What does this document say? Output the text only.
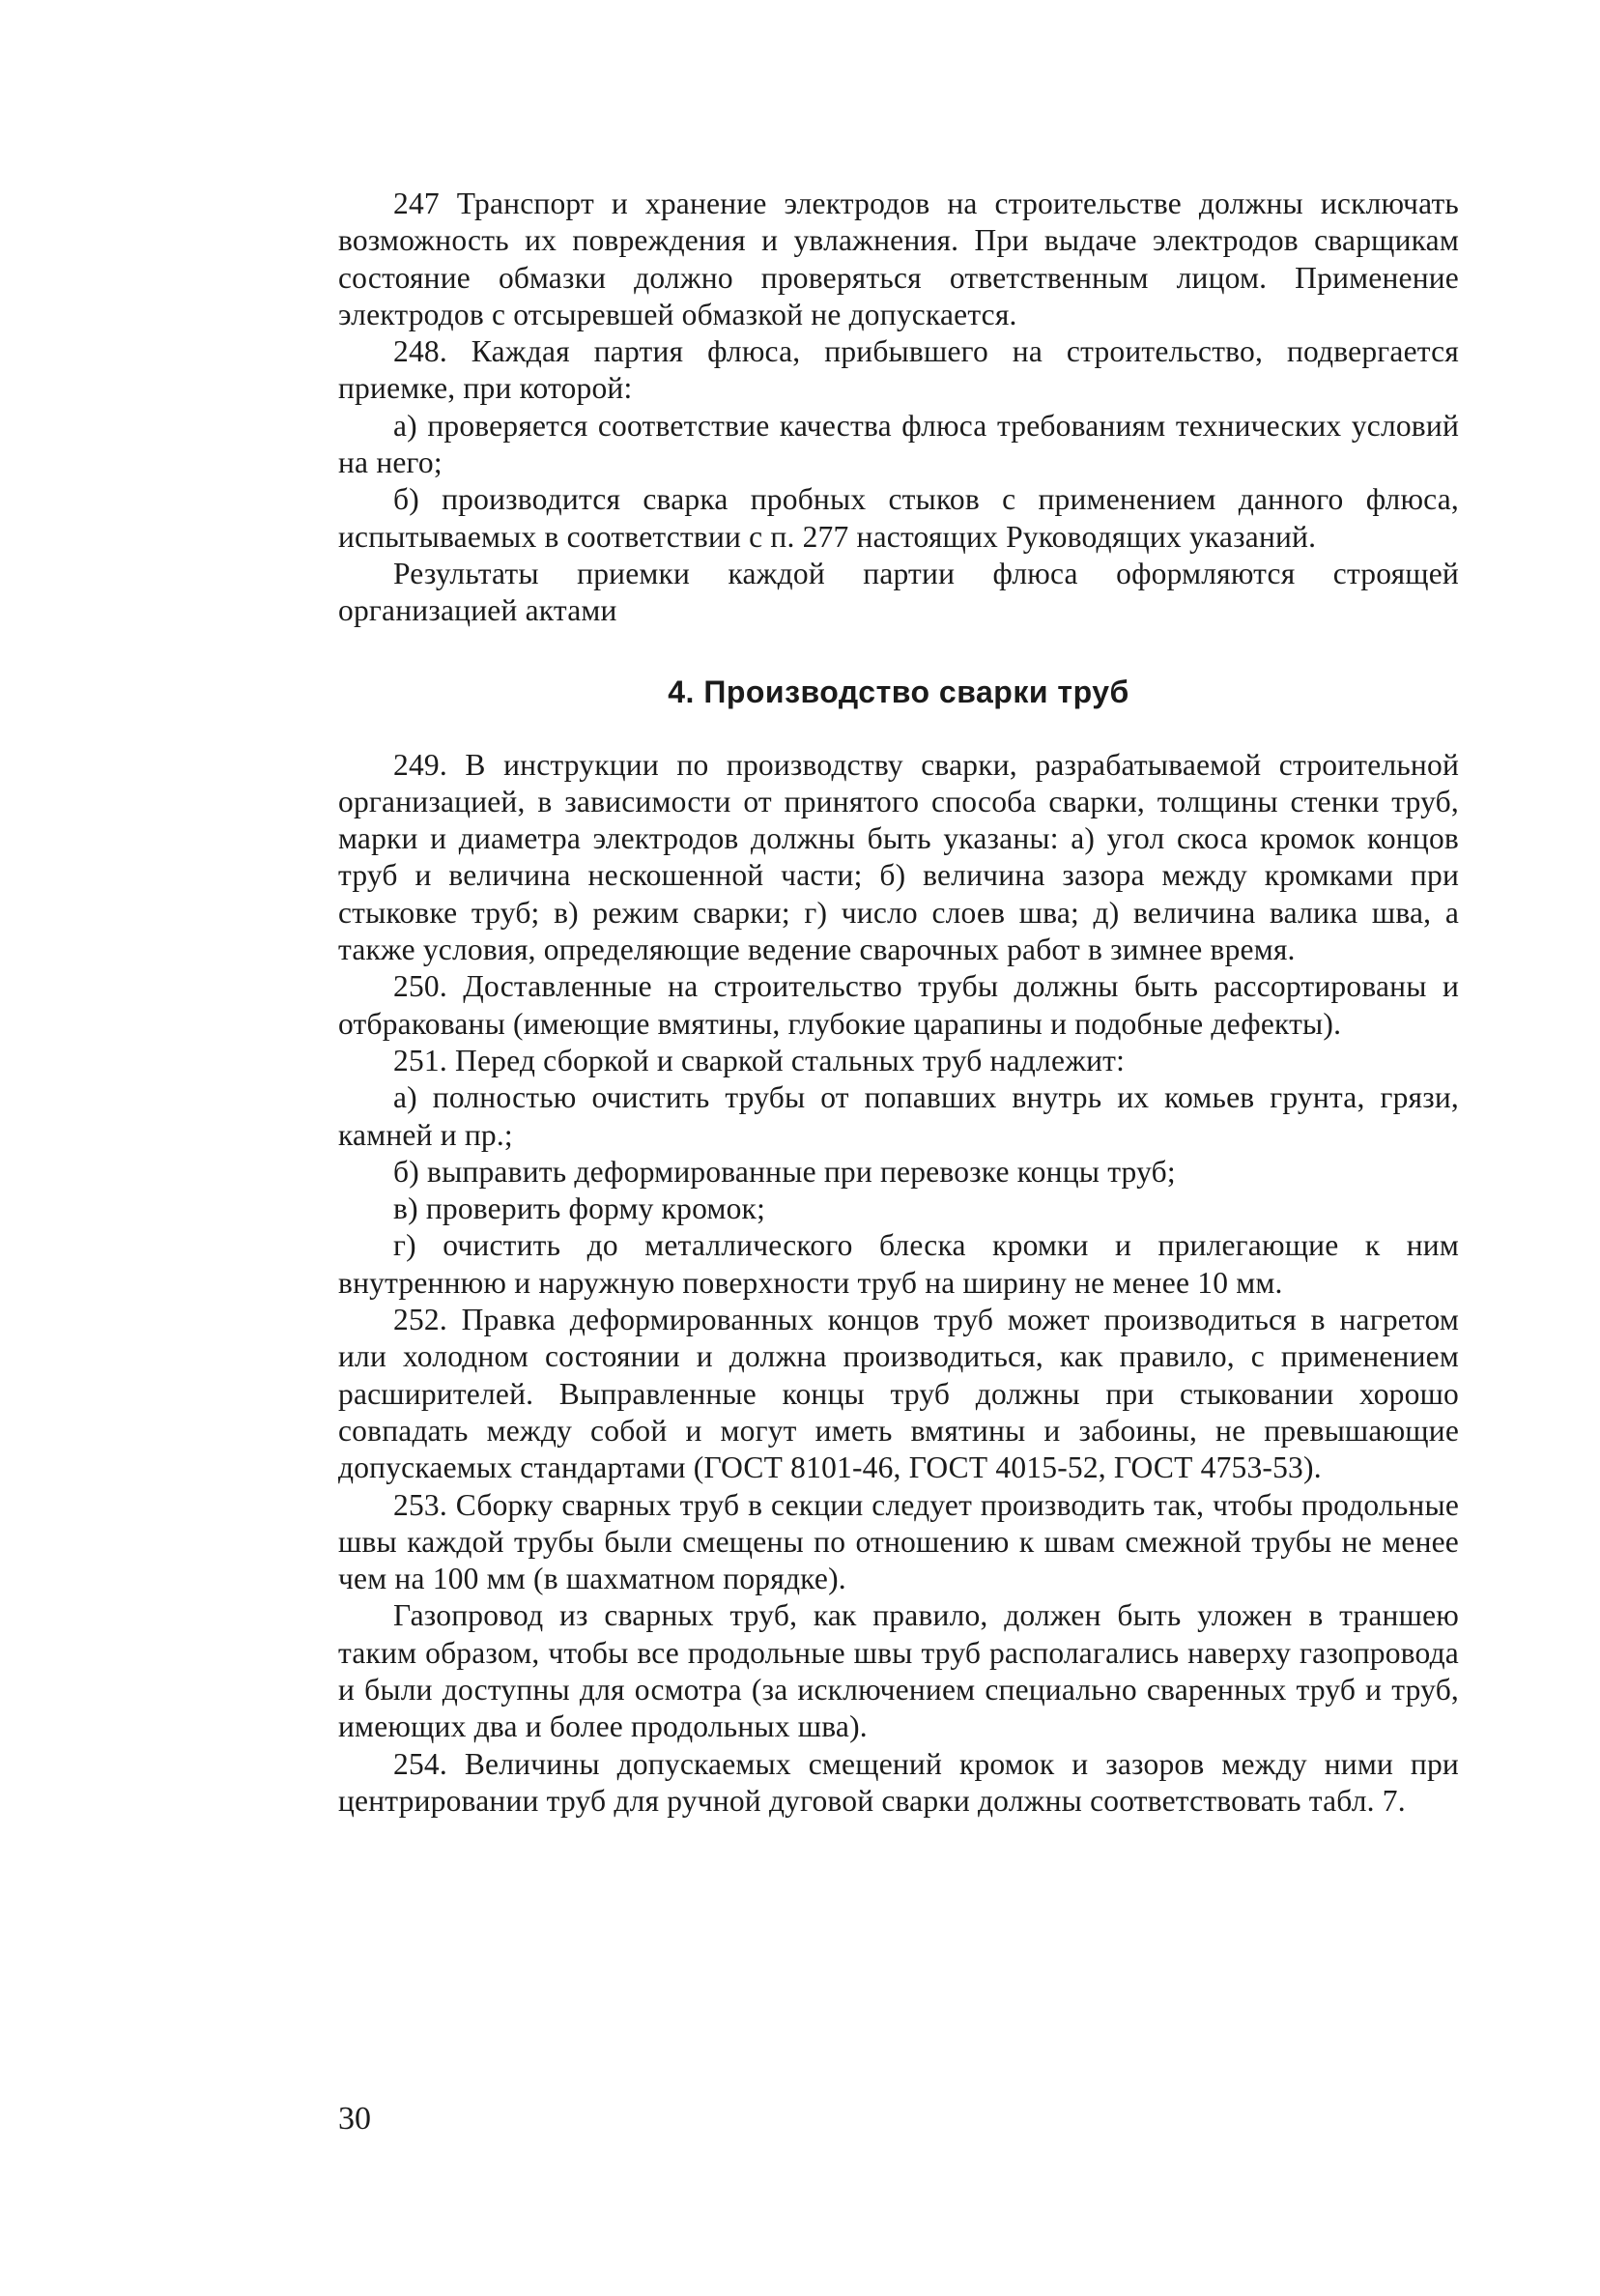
247 Транспорт и хранение электродов на строительстве должны исключать возможность их повреждения и увлажнения. При выдаче электродов сварщикам состояние обмазки должно проверяться ответственным лицом. Применение электродов с отсыревшей обмазкой не допускается.

248. Каждая партия флюса, прибывшего на строительство, подвергается приемке, при которой:

а) проверяется соответствие качества флюса требованиям технических условий на него;

б) производится сварка пробных стыков с применением данного флюса, испытываемых в соответствии с п. 277 настоящих Руководящих указаний.

Результаты приемки каждой партии флюса оформляются строящей организацией актами

4. Производство сварки труб

249. В инструкции по производству сварки, разрабатываемой строительной организацией, в зависимости от принятого способа сварки, толщины стенки труб, марки и диаметра электродов должны быть указаны: а) угол скоса кромок концов труб и величина нескошенной части; б) величина зазора между кромками при стыковке труб; в) режим сварки; г) число слоев шва; д) величина валика шва, а также условия, определяющие ведение сварочных работ в зимнее время.

250. Доставленные на строительство трубы должны быть рассортированы и отбракованы (имеющие вмятины, глубокие царапины и подобные дефекты).

251. Перед сборкой и сваркой стальных труб надлежит:

а) полностью очистить трубы от попавших внутрь их комьев грунта, грязи, камней и пр.;

б) выправить деформированные при перевозке концы труб;

в) проверить форму кромок;

г) очистить до металлического блеска кромки и прилегающие к ним внутреннюю и наружную поверхности труб на ширину не менее 10 мм.

252. Правка деформированных концов труб может производиться в нагретом или холодном состоянии и должна производиться, как правило, с применением расширителей. Выправленные концы труб должны при стыковании хорошо совпадать между собой и могут иметь вмятины и забоины, не превышающие допускаемых стандартами (ГОСТ 8101-46, ГОСТ 4015-52, ГОСТ 4753-53).

253. Сборку сварных труб в секции следует производить так, чтобы продольные швы каждой трубы были смещены по отношению к швам смежной трубы не менее чем на 100 мм (в шахматном порядке).

Газопровод из сварных труб, как правило, должен быть уложен в траншею таким образом, чтобы все продольные швы труб располагались наверху газопровода и были доступны для осмотра (за исключением специально сваренных труб и труб, имеющих два и более продольных шва).

254. Величины допускаемых смещений кромок и зазоров между ними при центрировании труб для ручной дуговой сварки должны соответствовать табл. 7.

30
